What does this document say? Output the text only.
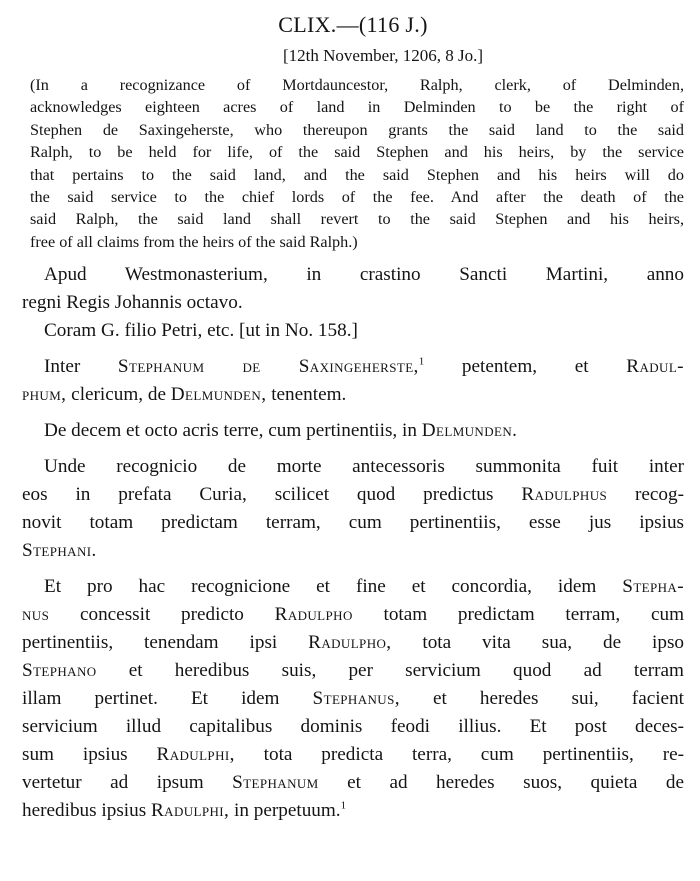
CLIX.—(116 J.)
[12th November, 1206, 8 Jo.]
(In a recognizance of Mortdauncestor, Ralph, clerk, of Delminden,
acknowledges eighteen acres of land in Delminden to be the right of
Stephen de Saxingeherste, who thereupon grants the said land to the said
Ralph, to be held for life, of the said Stephen and his heirs, by the service
that pertains to the said land, and the said Stephen and his heirs will do
the said service to the chief lords of the fee. And after the death of the
said Ralph, the said land shall revert to the said Stephen and his heirs,
free of all claims from the heirs of the said Ralph.)
Apud Westmonasterium, in crastino Sancti Martini, anno
regni Regis Johannis octavo.
Coram G. filio Petri, etc. [ut in No. 158.]
Inter Stephanum de Saxingeherste,$^1$ petentem, et Radul-
phum, clericum, de Delmunden, tenentem.
De decem et octo acris terre, cum pertinentiis, in Delmunden.
Unde recognicio de morte antecessoris summonita fuit inter
eos in prefata Curia, scilicet quod predictus Radulphus recog-
novit totam predictam terram, cum pertinentiis, esse jus ipsius
Stephani.
Et pro hac recognicione et fine et concordia, idem Stepha-
nus concessit predicto Radulpho totam predictam terram, cum
pertinentiis, tenendam ipsi Radulpho, tota vita sua, de ipso
Stephano et heredibus suis, per servicium quod ad terram
illam pertinet. Et idem Stephanus, et heredes sui, facient
servicium illud capitalibus dominis feodi illius. Et post deces-
sum ipsius Radulphi, tota predicta terra, cum pertinentiis, re-
vertetur ad ipsum Stephanum et ad heredes suos, quieta de
heredibus ipsius Radulphi, in perpetuum.$^1$
